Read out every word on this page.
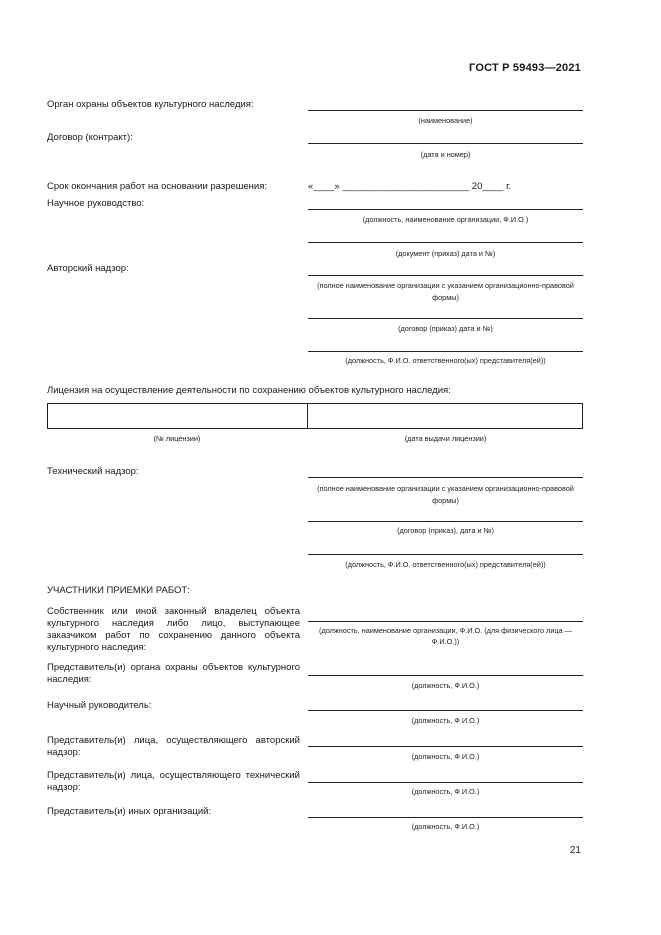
ГОСТ Р 59493—2021
Орган охраны объектов культурного наследия:
(наименование)
Договор (контракт):
(дата и номер)
Срок окончания работ на основании разрешения:	«____» ________________________ 20____ г.
Научное руководство:
(должность, наименование организации, Ф.И.О.)
(документ (приказ) дата и №)
Авторский надзор:
(полное наименование организации с указанием организационно-правовой формы)
(договор (приказ) дата и №)
(должность, Ф.И.О. ответственного(ых) представителя(ей))
Лицензия на осуществление деятельности по сохранению объектов культурного наследия:
(№ лицензии)	(дата выдачи лицензии)
Технический надзор:
(полное наименование организации с указанием организационно-правовой формы)
(договор (приказ), дата и №)
(должность, Ф.И.О. ответственного(ых) представителя(ей))
УЧАСТНИКИ ПРИЕМКИ РАБОТ:
Собственник или иной законный владелец объекта культурного наследия либо лицо, выступающее заказчиком работ по сохранению данного объекта культурного наследия:
(должность, наименование организации, Ф.И.О. (для физического лица — Ф.И.О.))
Представитель(и) органа охраны объектов культурного наследия:
(должность, Ф.И.О.)
Научный руководитель:
(должность, Ф.И.О.)
Представитель(и) лица, осуществляющего авторский надзор:	(должность, Ф.И.О.)
Представитель(и) лица, осуществляющего технический надзор:	(должность, Ф.И.О.)
Представитель(и) иных организаций:
(должность, Ф.И.О.)
21
